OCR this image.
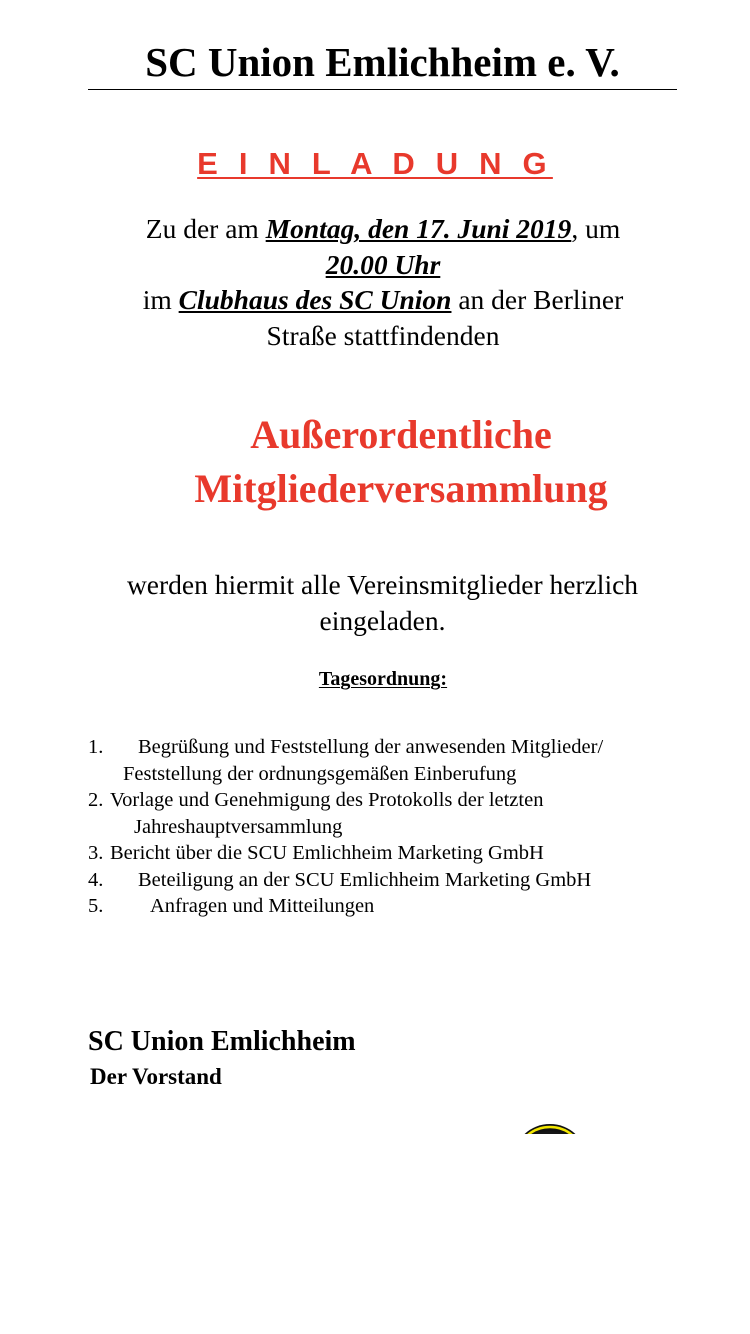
SC Union Emlichheim e. V.
E I N L A D U N G
Zu der am Montag, den 17. Juni 2019, um
20.00 Uhr
im Clubhaus des SC Union an der Berliner Straße stattfindenden
Außerordentliche
Mitgliederversammlung
werden hiermit alle Vereinsmitglieder herzlich
eingeladen.
Tagesordnung:
1. Begrüßung und Feststellung der anwesenden Mitglieder/
Feststellung der ordnungsgemäßen Einberufung
2. Vorlage und Genehmigung des Protokolls der letzten
Jahreshauptversammlung
3. Bericht über die SCU Emlichheim Marketing GmbH
4. Beteiligung an der SCU Emlichheim Marketing GmbH
5. Anfragen und Mitteilungen
SC Union Emlichheim
Der Vorstand
